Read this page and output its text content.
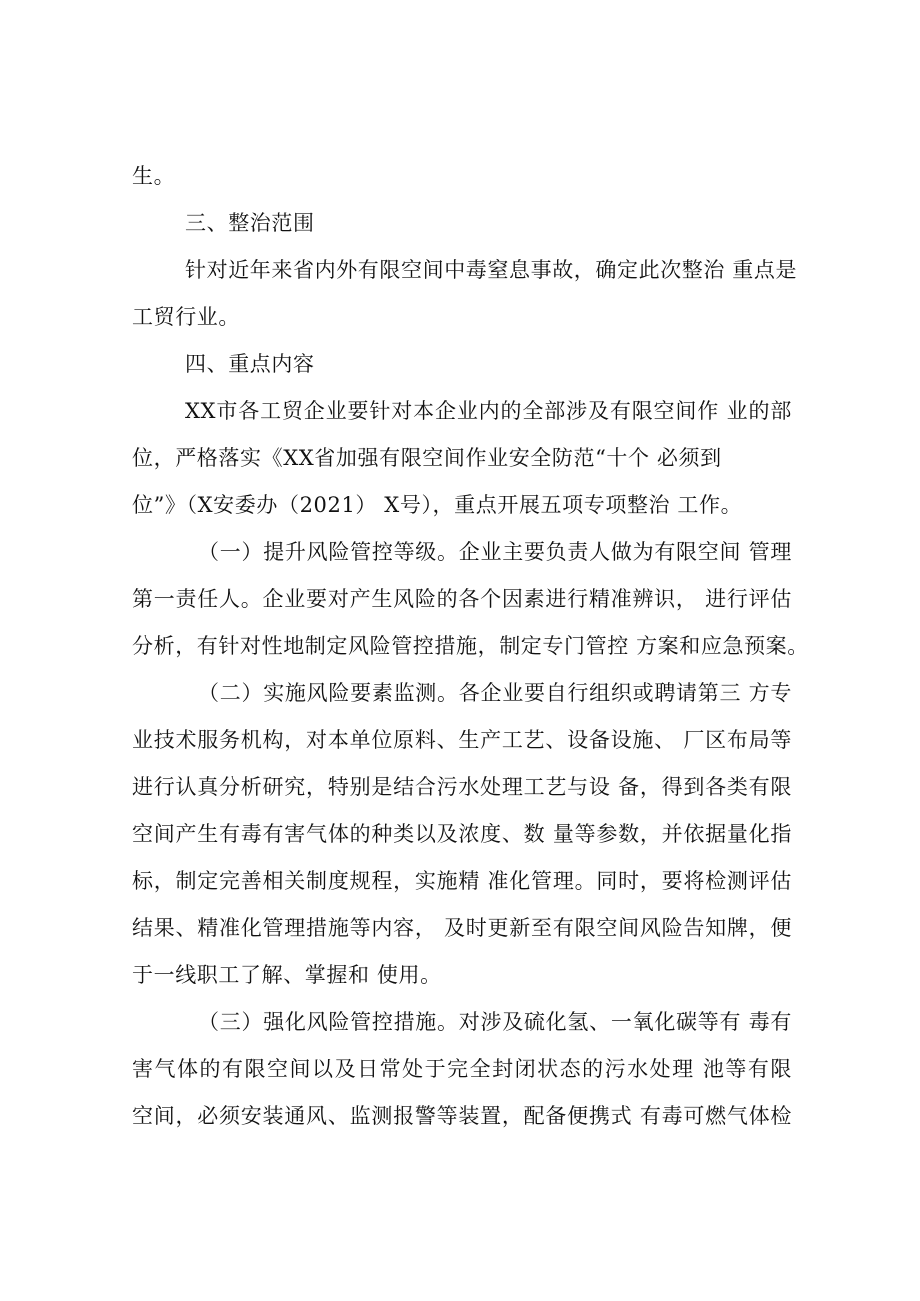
生。
三、整治范围
针对近年来省内外有限空间中毒窒息事故，确定此次整治 重点是
工贸行业。
四、重点内容
XX市各工贸企业要针对本企业内的全部涉及有限空间作 业的部
位，严格落实《XX省加强有限空间作业安全防范“十个 必须到
位”》（X安委办（2021） X号），重点开展五项专项整治 工作。
（一）提升风险管控等级。企业主要负责人做为有限空间 管理
第一责任人。企业要对产生风险的各个因素进行精准辨识， 进行评估
分析，有针对性地制定风险管控措施，制定专门管控 方案和应急预案。
（二）实施风险要素监测。各企业要自行组织或聘请第三 方专
业技术服务机构，对本单位原料、生产工艺、设备设施、 厂区布局等
进行认真分析研究，特别是结合污水处理工艺与设 备，得到各类有限
空间产生有毒有害气体的种类以及浓度、数 量等参数，并依据量化指
标，制定完善相关制度规程，实施精 准化管理。同时，要将检测评估
结果、精准化管理措施等内容， 及时更新至有限空间风险告知牌，便
于一线职工了解、掌握和 使用。
（三）强化风险管控措施。对涉及硫化氢、一氧化碳等有 毒有
害气体的有限空间以及日常处于完全封闭状态的污水处理 池等有限
空间，必须安装通风、监测报警等装置，配备便携式 有毒可燃气体检
